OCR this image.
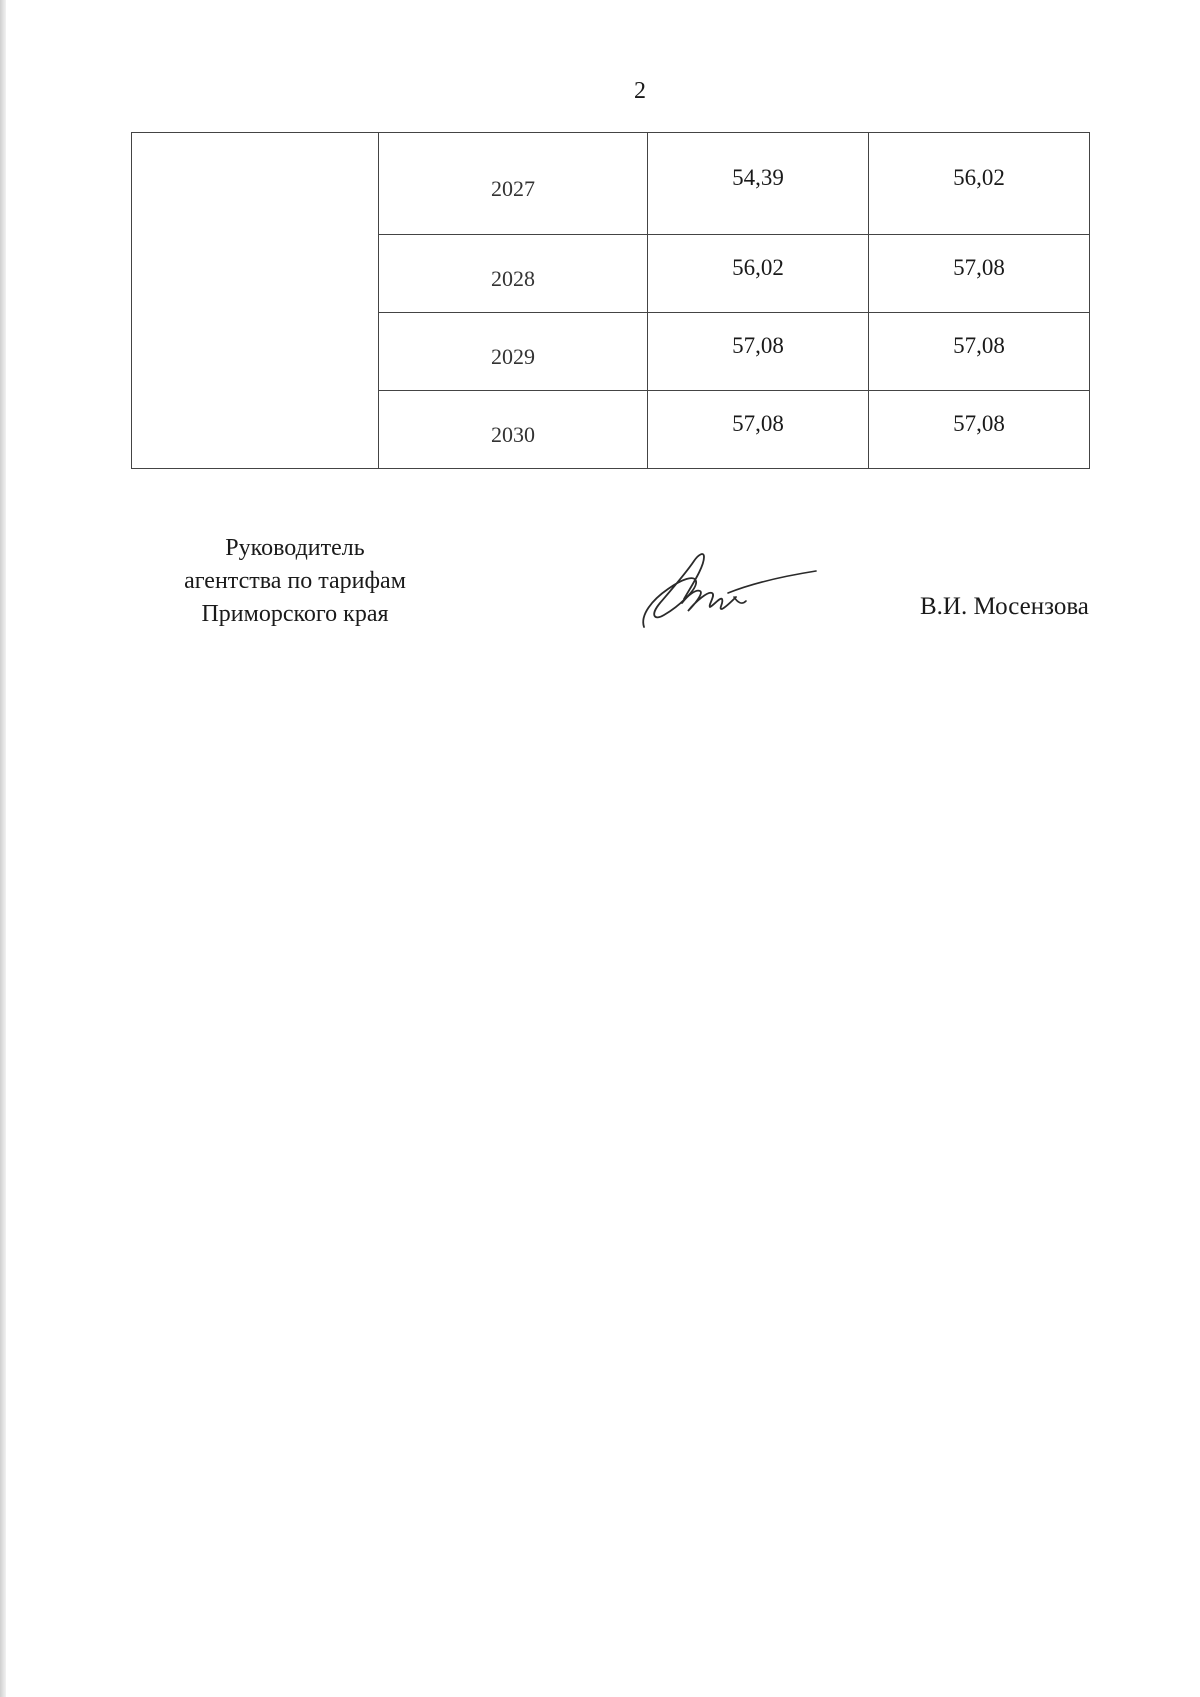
2
	2027	54,39	56,02
	2028	56,02	57,08
	2029	57,08	57,08
	2030	57,08	57,08
Руководитель
агентства по тарифам
Приморского края	В.И. Мосензова
